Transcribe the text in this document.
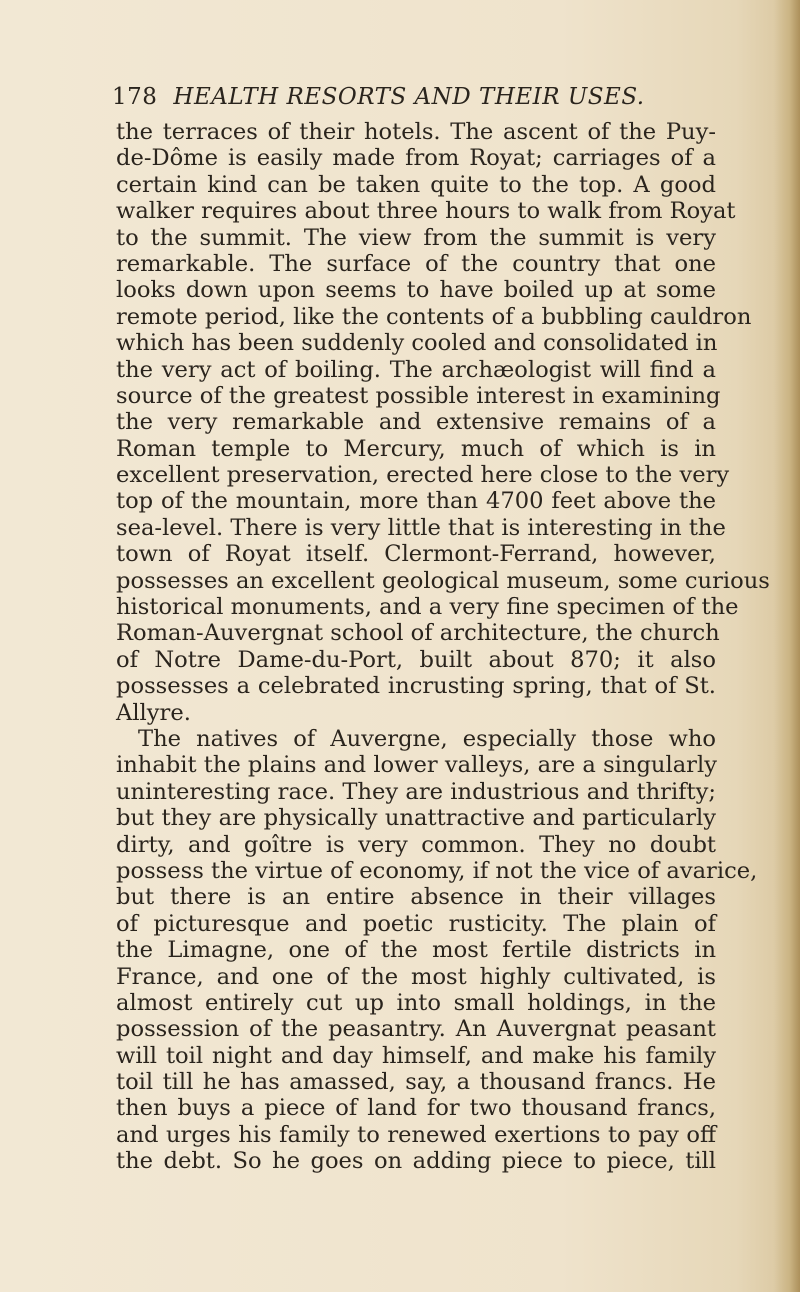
178 HEALTH RESORTS AND THEIR USES.
the terraces of their hotels. The ascent of the Puy-
de-Dôme is easily made from Royat; carriages of a
certain kind can be taken quite to the top. A good
walker requires about three hours to walk from Royat
to the summit. The view from the summit is very
remarkable. The surface of the country that one
looks down upon seems to have boiled up at some
remote period, like the contents of a bubbling cauldron
which has been suddenly cooled and consolidated in
the very act of boiling. The archæologist will find a
source of the greatest possible interest in examining
the very remarkable and extensive remains of a
Roman temple to Mercury, much of which is in
excellent preservation, erected here close to the very
top of the mountain, more than 4700 feet above the
sea-level. There is very little that is interesting in the
town of Royat itself. Clermont-Ferrand, however,
possesses an excellent geological museum, some curious
historical monuments, and a very fine specimen of the
Roman-Auvergnat school of architecture, the church
of Notre Dame-du-Port, built about 870; it also
possesses a celebrated incrusting spring, that of St.
Allyre.
The natives of Auvergne, especially those who
inhabit the plains and lower valleys, are a singularly
uninteresting race. They are industrious and thrifty;
but they are physically unattractive and particularly
dirty, and goître is very common. They no doubt
possess the virtue of economy, if not the vice of avarice,
but there is an entire absence in their villages
of picturesque and poetic rusticity. The plain of
the Limagne, one of the most fertile districts in
France, and one of the most highly cultivated, is
almost entirely cut up into small holdings, in the
possession of the peasantry. An Auvergnat peasant
will toil night and day himself, and make his family
toil till he has amassed, say, a thousand francs. He
then buys a piece of land for two thousand francs,
and urges his family to renewed exertions to pay off
the debt. So he goes on adding piece to piece, till
